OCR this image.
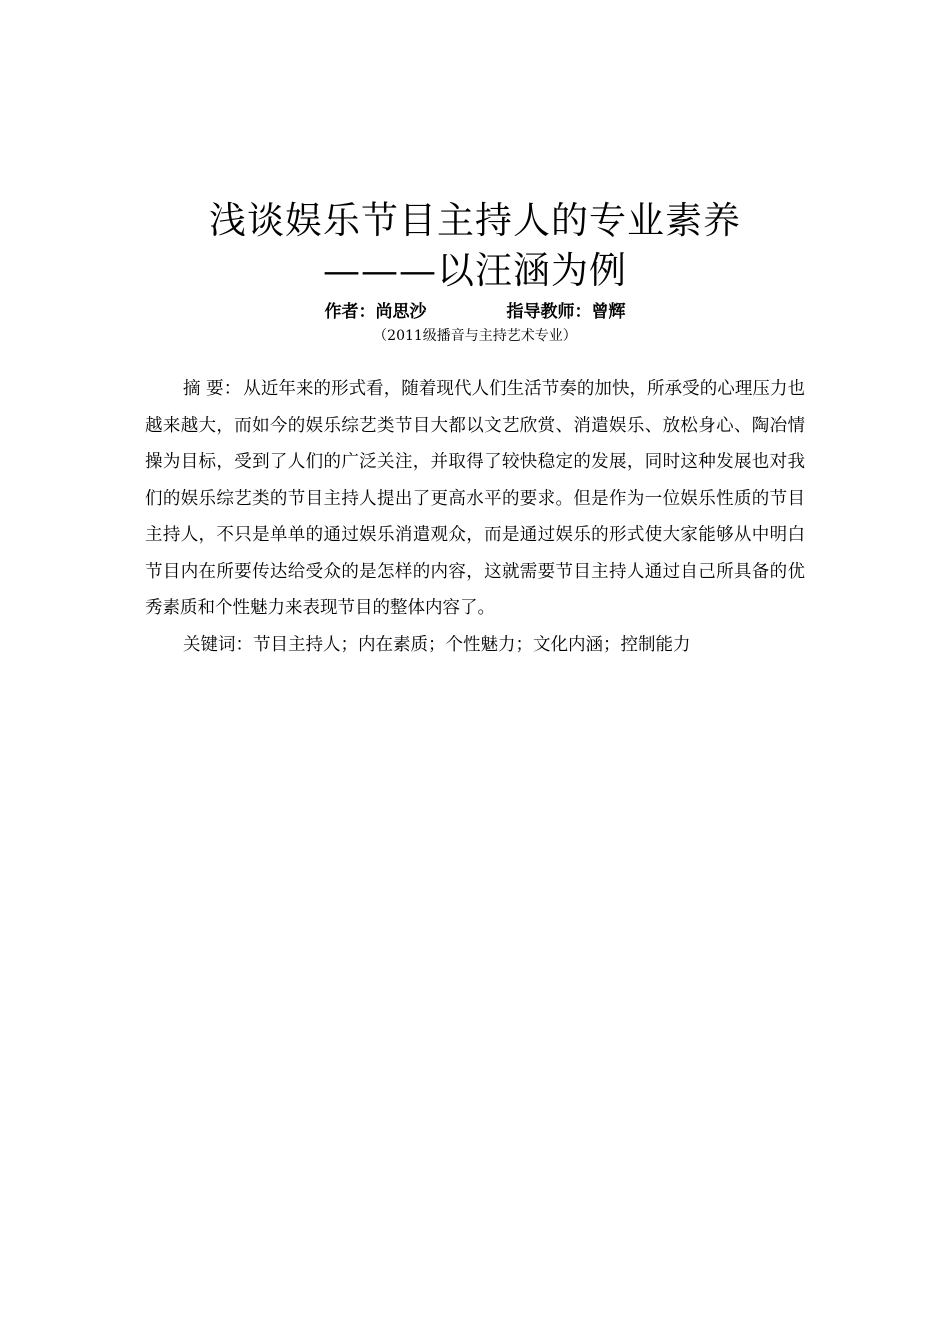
浅谈娱乐节目主持人的专业素养
———以汪涵为例
作者：尚思沙	指导教师：曾辉
（2011级播音与主持艺术专业）

摘 要： 从近年来的形式看，随着现代人们生活节奏的加快，所承受的心理压力也越来越大，而如今的娱乐综艺类节目大都以文艺欣赏、消遣娱乐、放松身心、陶冶情操为目标，受到了人们的广泛关注，并取得了较快稳定的发展，同时这种发展也对我们的娱乐综艺类的节目主持人提出了更高水平的要求。但是作为一位娱乐性质的节目主持人，不只是单单的通过娱乐消遣观众，而是通过娱乐的形式使大家能够从中明白节目内在所要传达给受众的是怎样的内容，这就需要节目主持人通过自己所具备的优秀素质和个性魅力来表现节目的整体内容了。

关键词：节目主持人；内在素质；个性魅力；文化内涵；控制能力
